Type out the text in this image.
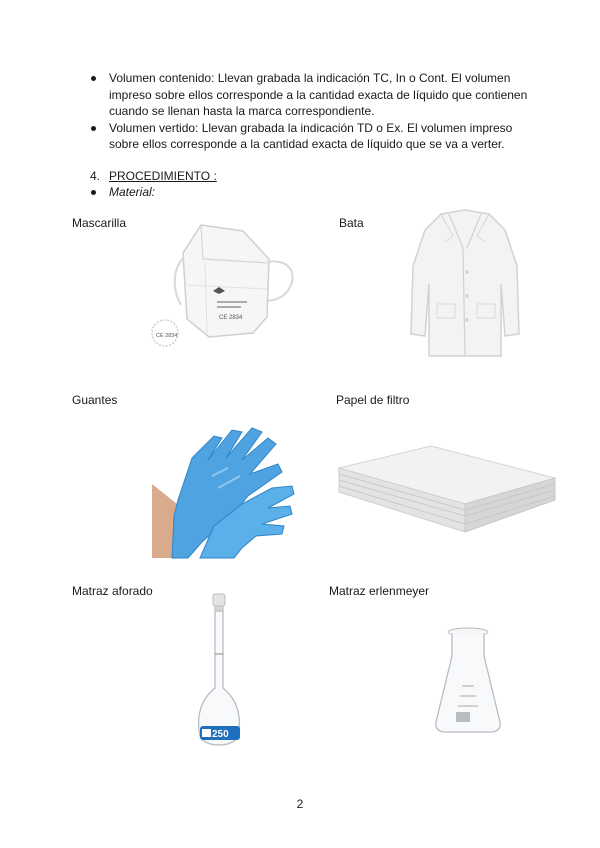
Volumen contenido: Llevan grabada la indicación TC, In o Cont. El volumen impreso sobre ellos corresponde a la cantidad exacta de líquido que contienen cuando se llenan hasta la marca correspondiente.
Volumen vertido: Llevan grabada la indicación TD o Ex. El volumen impreso sobre ellos corresponde a la cantidad exacta de líquido que se va a verter.
4. PROCEDIMIENTO :
Material:
Mascarilla
CE 2834
CE 2834
Bata
Guantes	Papel de filtro
Matraz aforado
250
Matraz erlenmeyer
2
